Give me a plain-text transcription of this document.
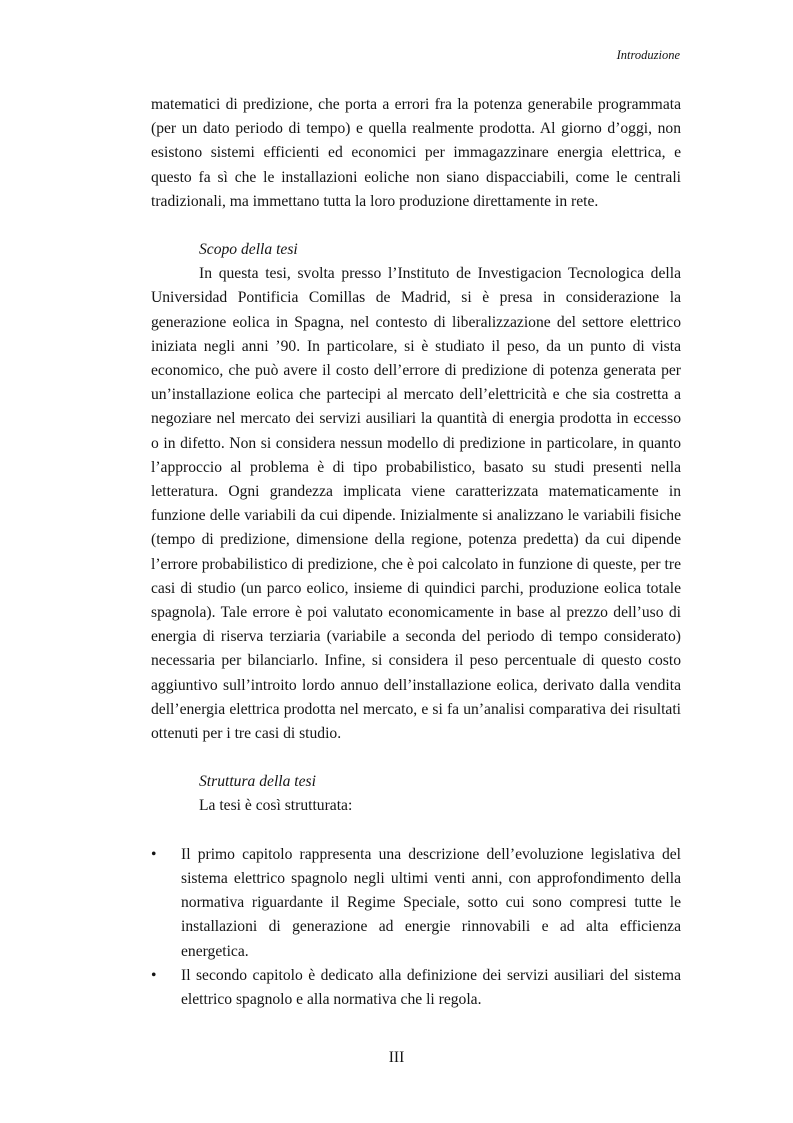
Introduzione

matematici di predizione, che porta a errori fra la potenza generabile programmata (per un dato periodo di tempo) e quella realmente prodotta. Al giorno d’oggi, non esistono sistemi efficienti ed economici per immagazzinare energia elettrica, e questo fa sì che le installazioni eoliche non siano dispacciabili, come le centrali tradizionali, ma immettano tutta la loro produzione direttamente in rete.

Scopo della tesi

In questa tesi, svolta presso l’Instituto de Investigacion Tecnologica della Universidad Pontificia Comillas de Madrid, si è presa in considerazione la generazione eolica in Spagna, nel contesto di liberalizzazione del settore elettrico iniziata negli anni ’90. In particolare, si è studiato il peso, da un punto di vista economico, che può avere il costo dell’errore di predizione di potenza generata per un’installazione eolica che partecipi al mercato dell’elettricità e che sia costretta a negoziare nel mercato dei servizi ausiliari la quantità di energia prodotta in eccesso o in difetto. Non si considera nessun modello di predizione in particolare, in quanto l’approccio al problema è di tipo probabilistico, basato su studi presenti nella letteratura. Ogni grandezza implicata viene caratterizzata matematicamente in funzione delle variabili da cui dipende. Inizialmente si analizzano le variabili fisiche (tempo di predizione, dimensione della regione, potenza predetta) da cui dipende l’errore probabilistico di predizione, che è poi calcolato in funzione di queste, per tre casi di studio (un parco eolico, insieme di quindici parchi, produzione eolica totale spagnola). Tale errore è poi valutato economicamente in base al prezzo dell’uso di energia di riserva terziaria (variabile a seconda del periodo di tempo considerato) necessaria per bilanciarlo. Infine, si considera il peso percentuale di questo costo aggiuntivo sull’introito lordo annuo dell’installazione eolica, derivato dalla vendita dell’energia elettrica prodotta nel mercato, e si fa un’analisi comparativa dei risultati ottenuti per i tre casi di studio.

Struttura della tesi
La tesi è così strutturata:
• Il primo capitolo rappresenta una descrizione dell’evoluzione legislativa del sistema elettrico spagnolo negli ultimi venti anni, con approfondimento della normativa riguardante il Regime Speciale, sotto cui sono compresi tutte le installazioni di generazione ad energie rinnovabili e ad alta efficienza energetica.
• Il secondo capitolo è dedicato alla definizione dei servizi ausiliari del sistema elettrico spagnolo e alla normativa che li regola.
III
